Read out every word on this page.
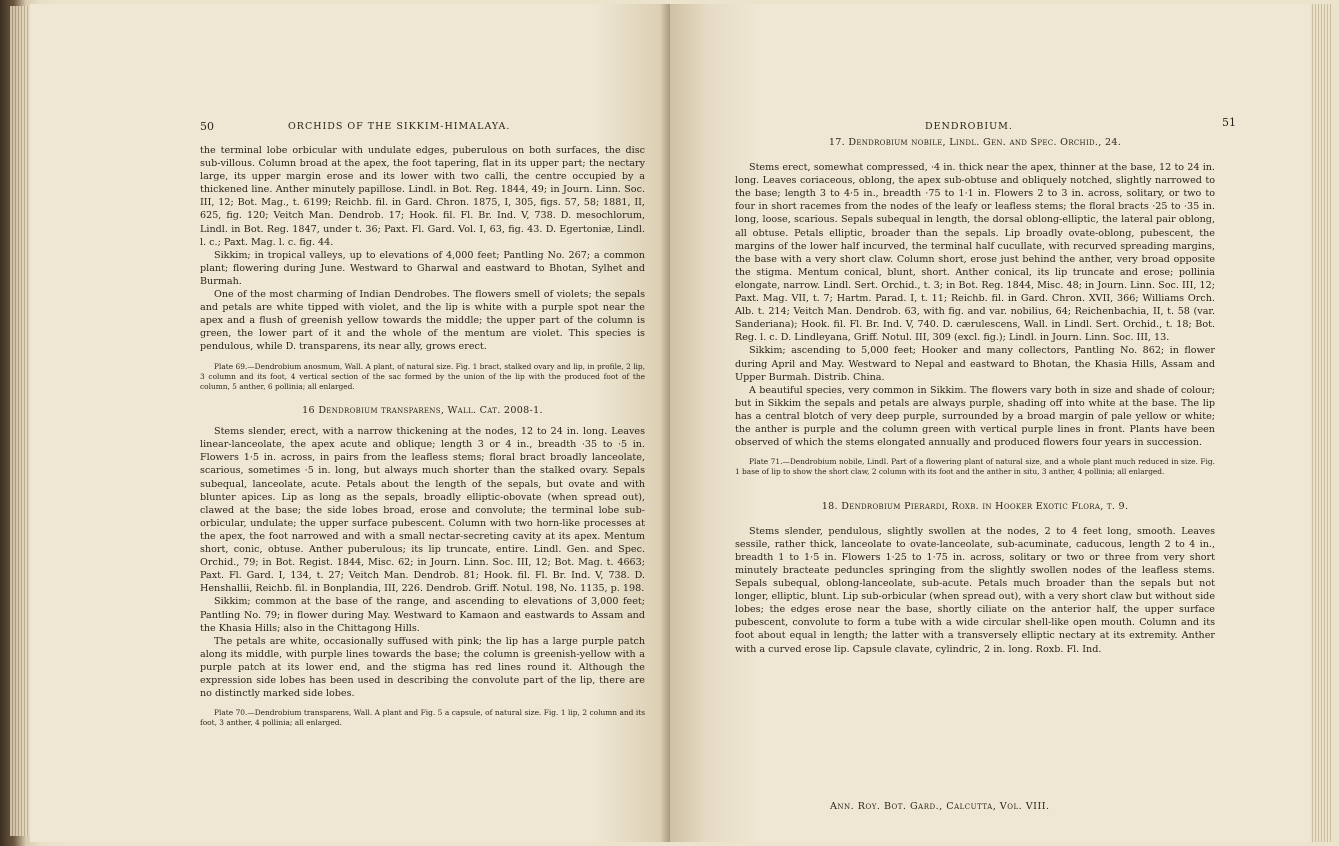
50	ORCHIDS OF THE SIKKIM-HIMALAYA.

the terminal lobe orbicular with undulate edges, puberulous on both surfaces, the disc sub-villous. Column broad at the apex, the foot tapering, flat in its upper part; the nectary large, its upper margin erose and its lower with two calli, the centre occupied by a thickened line. Anther minutely papillose. Lindl. in Bot. Reg. 1844, 49; in Journ. Linn. Soc. III, 12; Bot. Mag., t. 6199; Reichb. fil. in Gard. Chron. 1875, I, 305, figs. 57, 58; 1881, II, 625, fig. 120; Veitch Man. Dendrob. 17; Hook. fil. Fl. Br. Ind. V, 738. D. mesochlorum, Lindl. in Bot. Reg. 1847, under t. 36; Paxt. Fl. Gard. Vol. I, 63, fig. 43. D. Egertoniæ, Lindl. l. c.; Paxt. Mag. l. c. fig. 44.

Sikkim; in tropical valleys, up to elevations of 4,000 feet; Pantling No. 267; a common plant; flowering during June. Westward to Gharwal and eastward to Bhotan, Sylhet and Burmah.

One of the most charming of Indian Dendrobes. The flowers smell of violets; the sepals and petals are white tipped with violet, and the lip is white with a purple spot near the apex and a flush of greenish yellow towards the middle; the upper part of the column is green, the lower part of it and the whole of the mentum are violet. This species is pendulous, while D. transparens, its near ally, grows erect.

Plate 69.—Dendrobium anosmum, Wall. A plant, of natural size. Fig. 1 bract, stalked ovary and lip, in profile, 2 lip, 3 column and its foot, 4 vertical section of the sac formed by the union of the lip with the produced foot of the column, 5 anther, 6 pollinia; all enlarged.

16 Dendrobium transparens, Wall. Cat. 2008-1.

Stems slender, erect, with a narrow thickening at the nodes, 12 to 24 in. long. Leaves linear-lanceolate, the apex acute and oblique; length 3 or 4 in., breadth ·35 to ·5 in. Flowers 1·5 in. across, in pairs from the leafless stems; floral bract broadly lanceolate, scarious, sometimes ·5 in. long, but always much shorter than the stalked ovary. Sepals subequal, lanceolate, acute. Petals about the length of the sepals, but ovate and with blunter apices. Lip as long as the sepals, broadly elliptic-obovate (when spread out), clawed at the base; the side lobes broad, erose and convolute; the terminal lobe sub-orbicular, undulate; the upper surface pubescent. Column with two horn-like processes at the apex, the foot narrowed and with a small nectar-secreting cavity at its apex. Mentum short, conic, obtuse. Anther puberulous; its lip truncate, entire. Lindl. Gen. and Spec. Orchid., 79; in Bot. Regist. 1844, Misc. 62; in Journ. Linn. Soc. III, 12; Bot. Mag. t. 4663; Paxt. Fl. Gard. I, 134, t. 27; Veitch Man. Dendrob. 81; Hook. fil. Fl. Br. Ind. V, 738. D. Henshallii, Reichb. fil. in Bonplandia, III, 226. Dendrob. Griff. Notul. 198, No. 1135, p. 198.

Sikkim; common at the base of the range, and ascending to elevations of 3,000 feet; Pantling No. 79; in flower during May. Westward to Kamaon and eastwards to Assam and the Khasia Hills; also in the Chittagong Hills.

The petals are white, occasionally suffused with pink; the lip has a large purple patch along its middle, with purple lines towards the base; the column is greenish-yellow with a purple patch at its lower end, and the stigma has red lines round it. Although the expression side lobes has been used in describing the convolute part of the lip, there are no distinctly marked side lobes.

Plate 70.—Dendrobium transparens, Wall. A plant and Fig. 5 a capsule, of natural size. Fig. 1 lip, 2 column and its foot, 3 anther, 4 pollinia; all enlarged.

DENDROBIUM.	51
17. Dendrobium nobile, Lindl. Gen. and Spec. Orchid., 24.

Stems erect, somewhat compressed, ·4 in. thick near the apex, thinner at the base, 12 to 24 in. long. Leaves coriaceous, oblong, the apex sub-obtuse and obliquely notched, slightly narrowed to the base; length 3 to 4·5 in., breadth ·75 to 1·1 in. Flowers 2 to 3 in. across, solitary, or two to four in short racemes from the nodes of the leafy or leafless stems; the floral bracts ·25 to ·35 in. long, loose, scarious. Sepals subequal in length, the dorsal oblong-elliptic, the lateral pair oblong, all obtuse. Petals elliptic, broader than the sepals. Lip broadly ovate-oblong, pubescent, the margins of the lower half incurved, the terminal half cucullate, with recurved spreading margins, the base with a very short claw. Column short, erose just behind the anther, very broad opposite the stigma. Mentum conical, blunt, short. Anther conical, its lip truncate and erose; pollinia elongate, narrow. Lindl. Sert. Orchid., t. 3; in Bot. Reg. 1844, Misc. 48; in Journ. Linn. Soc. III, 12; Paxt. Mag. VII, t. 7; Hartm. Parad. I, t. 11; Reichb. fil. in Gard. Chron. XVII, 366; Williams Orch. Alb. t. 214; Veitch Man. Dendrob. 63, with fig. and var. nobilius, 64; Reichenbachia, II, t. 58 (var. Sanderiana); Hook. fil. Fl. Br. Ind. V, 740. D. cærulescens, Wall. in Lindl. Sert. Orchid., t. 18; Bot. Reg. l. c. D. Lindleyana, Griff. Notul. III, 309 (excl. fig.); Lindl. in Journ. Linn. Soc. III, 13.

Sikkim; ascending to 5,000 feet; Hooker and many collectors, Pantling No. 862; in flower during April and May. Westward to Nepal and eastward to Bhotan, the Khasia Hills, Assam and Upper Burmah. Distrib. China.

A beautiful species, very common in Sikkim. The flowers vary both in size and shade of colour; but in Sikkim the sepals and petals are always purple, shading off into white at the base. The lip has a central blotch of very deep purple, surrounded by a broad margin of pale yellow or white; the anther is purple and the column green with vertical purple lines in front. Plants have been observed of which the stems elongated annually and produced flowers four years in succession.

Plate 71.—Dendrobium nobile, Lindl. Part of a flowering plant of natural size, and a whole plant much reduced in size. Fig. 1 base of lip to show the short claw, 2 column with its foot and the anther in situ, 3 anther, 4 pollinia; all enlarged.

18. Dendrobium Pierardi, Roxb. in Hooker Exotic Flora, t. 9.

Stems slender, pendulous, slightly swollen at the nodes, 2 to 4 feet long, smooth. Leaves sessile, rather thick, lanceolate to ovate-lanceolate, sub-acuminate, caducous, length 2 to 4 in., breadth 1 to 1·5 in. Flowers 1·25 to 1·75 in. across, solitary or two or three from very short minutely bracteate peduncles springing from the slightly swollen nodes of the leafless stems. Sepals subequal, oblong-lanceolate, sub-acute. Petals much broader than the sepals but not longer, elliptic, blunt. Lip sub-orbicular (when spread out), with a very short claw but without side lobes; the edges erose near the base, shortly ciliate on the anterior half, the upper surface pubescent, convolute to form a tube with a wide circular shell-like open mouth. Column and its foot about equal in length; the latter with a transversely elliptic nectary at its extremity. Anther with a curved erose lip. Capsule clavate, cylindric, 2 in. long. Roxb. Fl. Ind.

Ann. Roy. Bot. Gard., Calcutta, Vol. VIII.
